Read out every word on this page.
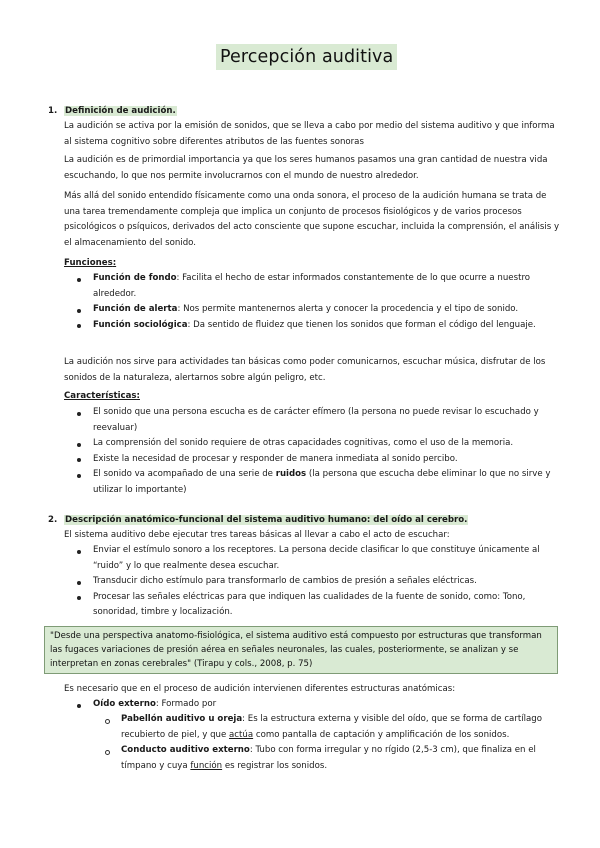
Percepción auditiva
1. Definición de audición.
La audición se activa por la emisión de sonidos, que se lleva a cabo por medio del sistema auditivo y que informa al sistema cognitivo sobre diferentes atributos de las fuentes sonoras
La audición es de primordial importancia ya que los seres humanos pasamos una gran cantidad de nuestra vida escuchando, lo que nos permite involucrarnos con el mundo de nuestro alrededor.
Más allá del sonido entendido físicamente como una onda sonora, el proceso de la audición humana se trata de una tarea tremendamente compleja que implica un conjunto de procesos fisiológicos y de varios procesos psicológicos o psíquicos, derivados del acto consciente que supone escuchar, incluida la comprensión, el análisis y el almacenamiento del sonido.
Funciones:
Función de fondo: Facilita el hecho de estar informados constantemente de lo que ocurre a nuestro alrededor.
Función de alerta: Nos permite mantenernos alerta y conocer la procedencia y el tipo de sonido.
Función sociológica: Da sentido de fluidez que tienen los sonidos que forman el código del lenguaje.
La audición nos sirve para actividades tan básicas como poder comunicarnos, escuchar música, disfrutar de los sonidos de la naturaleza, alertarnos sobre algún peligro, etc.
Características:
El sonido que una persona escucha es de carácter efímero (la persona no puede revisar lo escuchado y reevaluar)
La comprensión del sonido requiere de otras capacidades cognitivas, como el uso de la memoria.
Existe la necesidad de procesar y responder de manera inmediata al sonido percibo.
El sonido va acompañado de una serie de ruidos (la persona que escucha debe eliminar lo que no sirve y utilizar lo importante)
2. Descripción anatómico-funcional del sistema auditivo humano: del oído al cerebro.
El sistema auditivo debe ejecutar tres tareas básicas al llevar a cabo el acto de escuchar:
Enviar el estímulo sonoro a los receptores. La persona decide clasificar lo que constituye únicamente al “ruido” y lo que realmente desea escuchar.
Transducir dicho estímulo para transformarlo de cambios de presión a señales eléctricas.
Procesar las señales eléctricas para que indiquen las cualidades de la fuente de sonido, como: Tono, sonoridad, timbre y localización.
"Desde una perspectiva anatomo-fisiológica, el sistema auditivo está compuesto por estructuras que transforman las fugaces variaciones de presión aérea en señales neuronales, las cuales, posteriormente, se analizan y se interpretan en zonas cerebrales" (Tirapu y cols., 2008, p. 75)
Es necesario que en el proceso de audición intervienen diferentes estructuras anatómicas:
Oído externo: Formado por
Pabellón auditivo u oreja: Es la estructura externa y visible del oído, que se forma de cartílago recubierto de piel, y que actúa como pantalla de captación y amplificación de los sonidos.
Conducto auditivo externo: Tubo con forma irregular y no rígido (2,5-3 cm), que finaliza en el tímpano y cuya función es registrar los sonidos.
